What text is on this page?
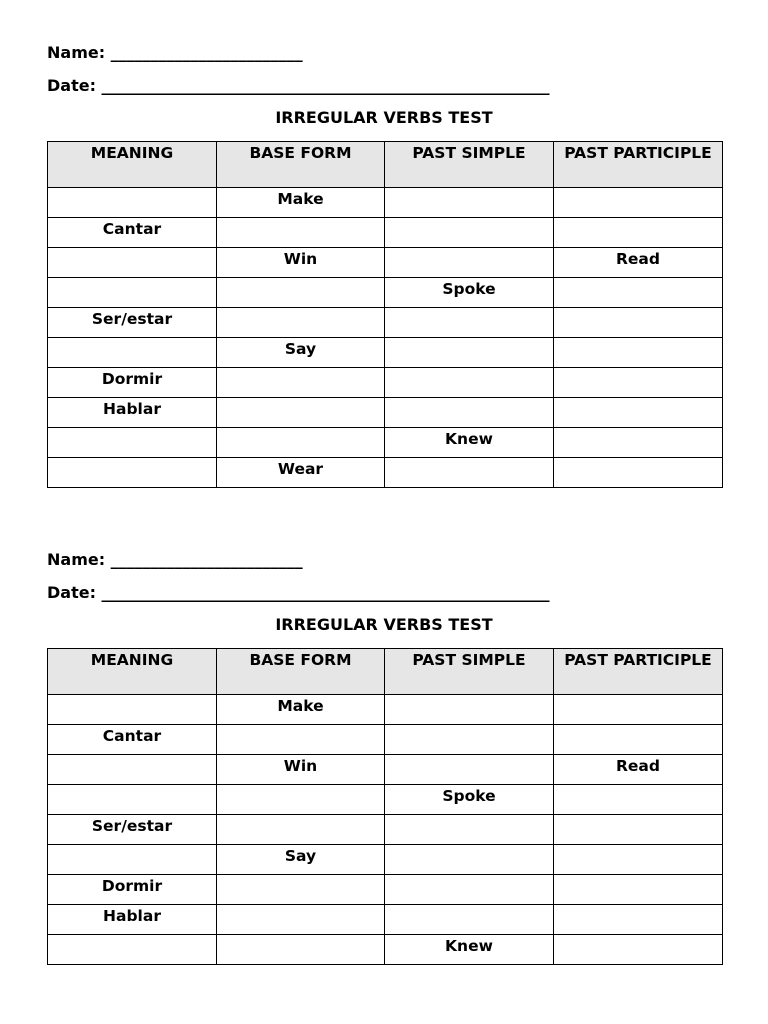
Name: ________________________
Date: ________________________________________________________
IRREGULAR VERBS TEST
MEANING	BASE FORM	PAST SIMPLE	PAST PARTICIPLE
	Make		
Cantar			
	Win		Read
		Spoke	
Ser/estar			
	Say		
Dormir			
Hablar			
		Knew	
	Wear		
Name: ________________________
Date: ________________________________________________________
IRREGULAR VERBS TEST
MEANING	BASE FORM	PAST SIMPLE	PAST PARTICIPLE
	Make		
Cantar			
	Win		Read
		Spoke	
Ser/estar			
	Say		
Dormir			
Hablar			
		Knew	
